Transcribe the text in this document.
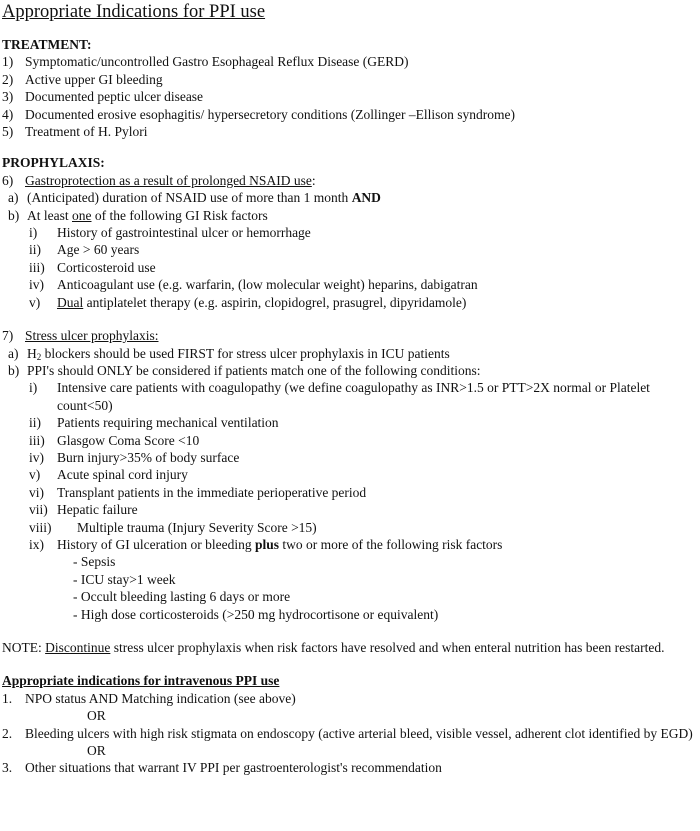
Appropriate Indications for PPI use
TREATMENT:
1) Symptomatic/uncontrolled Gastro Esophageal Reflux Disease (GERD)
2) Active upper GI bleeding
3) Documented peptic ulcer disease
4) Documented erosive esophagitis/ hypersecretory conditions (Zollinger –Ellison syndrome)
5) Treatment of H. Pylori
PROPHYLAXIS:
6) Gastroprotection as a result of prolonged NSAID use:
a) (Anticipated) duration of NSAID use of more than 1 month AND
b) At least one of the following GI Risk factors
i)	History of gastrointestinal ulcer or hemorrhage
ii)	Age > 60 years
iii) Corticosteroid use
iv) Anticoagulant use (e.g. warfarin, (low molecular weight) heparins, dabigatran
v)	Dual antiplatelet therapy (e.g. aspirin, clopidogrel, prasugrel, dipyridamole)
7) Stress ulcer prophylaxis:
a) $H_2$ blockers should be used FIRST for stress ulcer prophylaxis in ICU patients
b) PPI's should ONLY be considered if patients match one of the following conditions:
i)	Intensive care patients with coagulopathy (we define coagulopathy as INR>1.5 or PTT>2X normal or Platelet count<50)
ii)	Patients requiring mechanical ventilation
iii) Glasgow Coma Score <10
iv) Burn injury>35% of body surface
v)	Acute spinal cord injury
vi) Transplant patients in the immediate perioperative period
vii) Hepatic failure
viii)	Multiple trauma (Injury Severity Score >15)
ix) History of GI ulceration or bleeding plus two or more of the following risk factors
- Sepsis
- ICU stay>1 week
- Occult bleeding lasting 6 days or more
- High dose corticosteroids (>250 mg hydrocortisone or equivalent)
NOTE: Discontinue stress ulcer prophylaxis when risk factors have resolved and when enteral nutrition has been restarted.
Appropriate indications for intravenous PPI use
1. NPO status AND Matching indication (see above)
OR
2. Bleeding ulcers with high risk stigmata on endoscopy (active arterial bleed, visible vessel, adherent clot identified by EGD)
OR
3. Other situations that warrant IV PPI per gastroenterologist's recommendation
